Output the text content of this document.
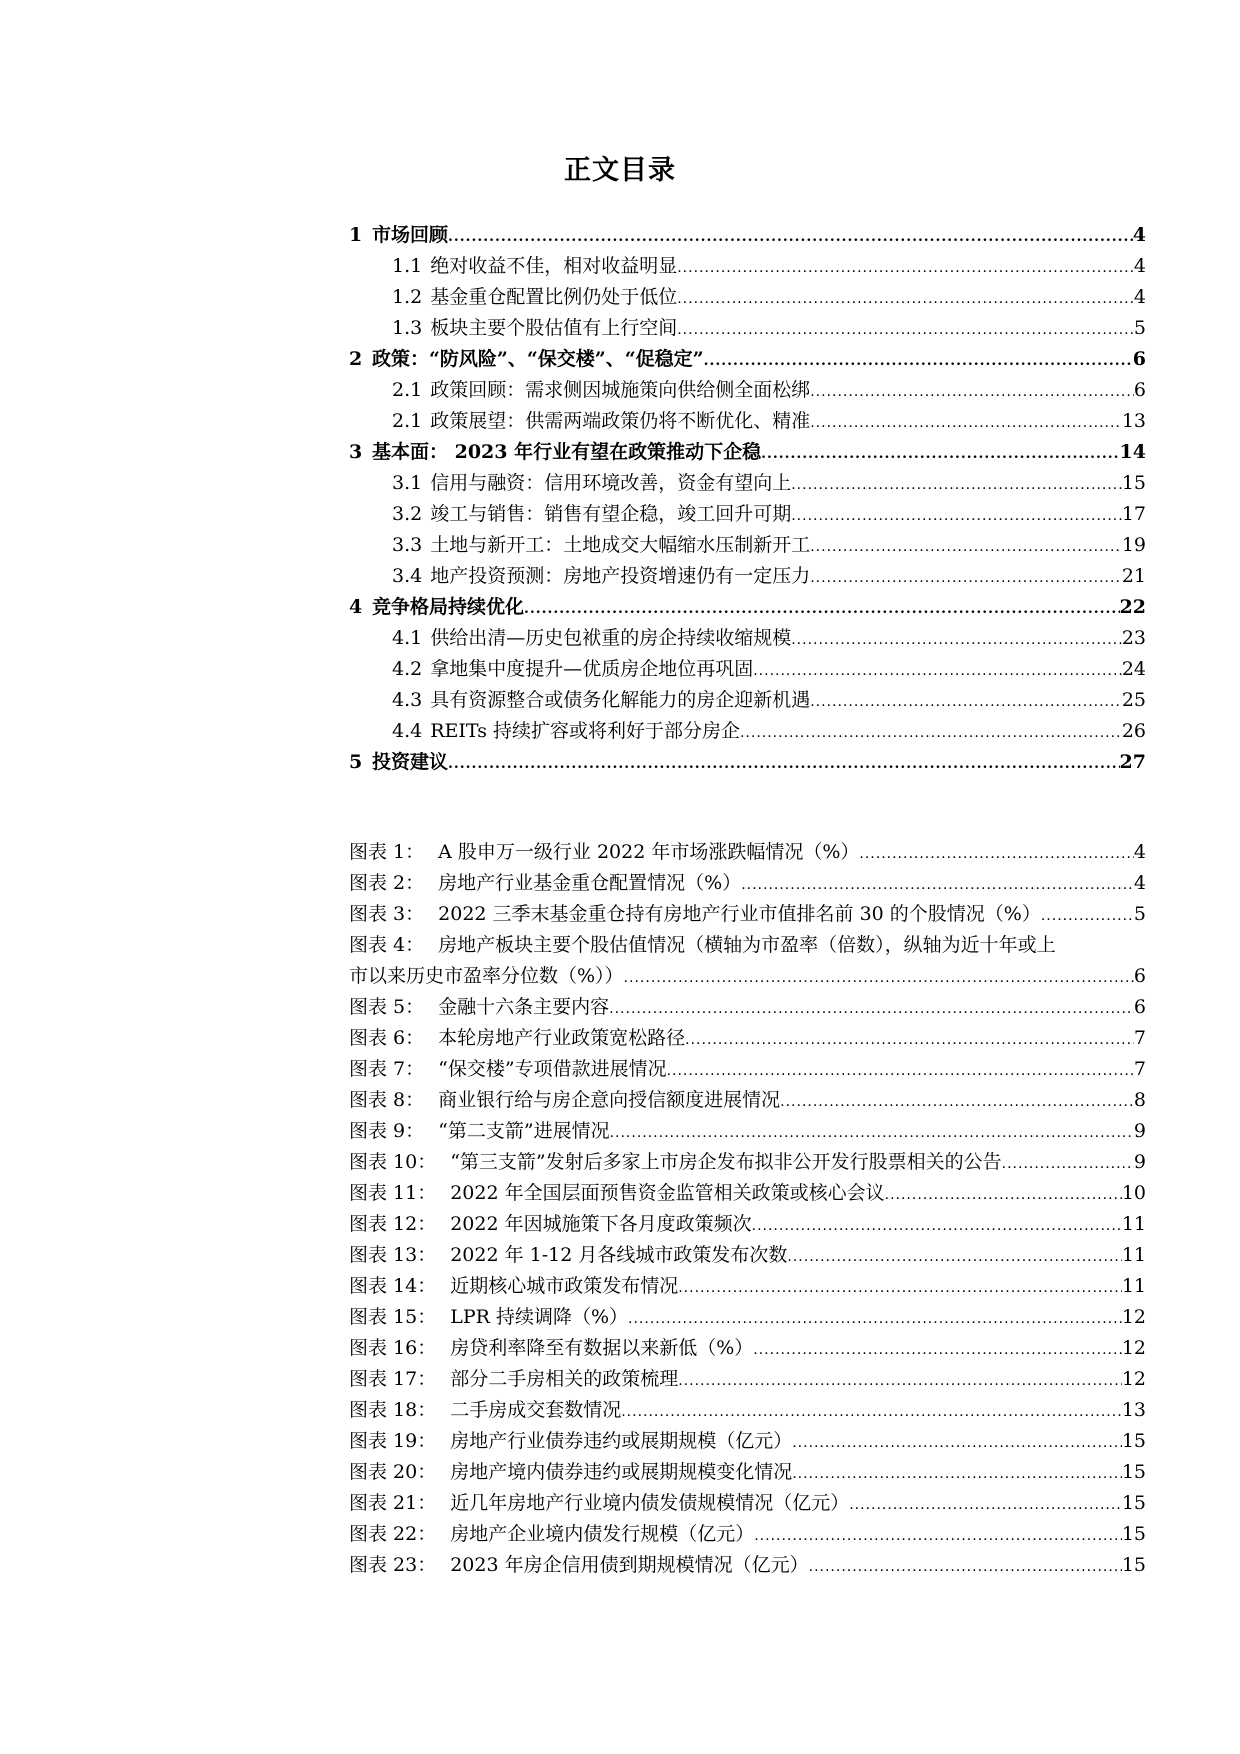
正文目录
1 市场回顾 .....	4
1.1 绝对收益不佳，相对收益明显 .....	4
1.2 基金重仓配置比例仍处于低位 .....	4
1.3 板块主要个股估值有上行空间 .....	5
2 政策：“防风险”、“保交楼”、“促稳定” .....	6
2.1 政策回顾：需求侧因城施策向供给侧全面松绑 .....	6
2.1 政策展望：供需两端政策仍将不断优化、精准 .....	13
3 基本面： 2023 年行业有望在政策推动下企稳 .....	14
3.1 信用与融资：信用环境改善，资金有望向上 .....	15
3.2 竣工与销售：销售有望企稳，竣工回升可期 .....	17
3.3 土地与新开工：土地成交大幅缩水压制新开工 .....	19
3.4 地产投资预测：房地产投资增速仍有一定压力 .....	21
4 竞争格局持续优化 .....	22
4.1 供给出清—历史包袱重的房企持续收缩规模 .....	23
4.2 拿地集中度提升—优质房企地位再巩固 .....	24
4.3 具有资源整合或债务化解能力的房企迎新机遇 .....	25
4.4 REITs 持续扩容或将利好于部分房企 .....	26
5 投资建议 .....	27
图表 1： A 股申万一级行业 2022 年市场涨跌幅情况（%） .....	4
图表 2： 房地产行业基金重仓配置情况（%） .....	4
图表 3： 2022 三季末基金重仓持有房地产行业市值排名前 30 的个股情况（%） .....	5
图表 4： 房地产板块主要个股估值情况（横轴为市盈率（倍数），纵轴为近十年或上
市以来历史市盈率分位数（%）） .....	6
图表 5： 金融十六条主要内容 .....	6
图表 6： 本轮房地产行业政策宽松路径 .....	7
图表 7： “保交楼”专项借款进展情况 .....	7
图表 8： 商业银行给与房企意向授信额度进展情况 .....	8
图表 9： “第二支箭”进展情况 .....	9
图表 10： “第三支箭”发射后多家上市房企发布拟非公开发行股票相关的公告 .....	9
图表 11： 2022 年全国层面预售资金监管相关政策或核心会议 .....	10
图表 12： 2022 年因城施策下各月度政策频次 .....	11
图表 13： 2022 年 1-12 月各线城市政策发布次数 .....	11
图表 14： 近期核心城市政策发布情况 .....	11
图表 15： LPR 持续调降（%） .....	12
图表 16： 房贷利率降至有数据以来新低（%） .....	12
图表 17： 部分二手房相关的政策梳理 .....	12
图表 18： 二手房成交套数情况 .....	13
图表 19： 房地产行业债券违约或展期规模（亿元） .....	15
图表 20： 房地产境内债券违约或展期规模变化情况 .....	15
图表 21： 近几年房地产行业境内债发债规模情况（亿元） .....	15
图表 22： 房地产企业境内债发行规模（亿元） .....	15
图表 23： 2023 年房企信用债到期规模情况（亿元） .....	15
